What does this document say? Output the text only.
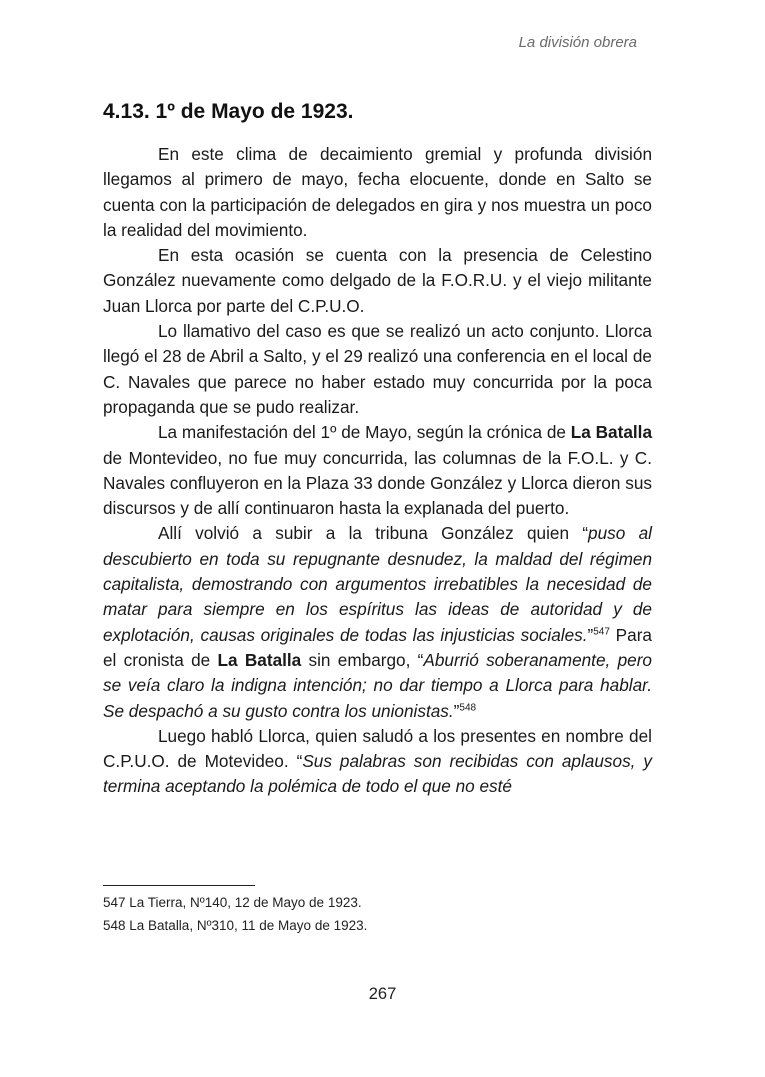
La división obrera
4.13. 1º de Mayo de 1923.

En este clima de decaimiento gremial y profunda división llegamos al primero de mayo, fecha elocuente, donde en Salto se cuenta con la participación de delegados en gira y nos muestra un poco la realidad del movimiento.

En esta ocasión se cuenta con la presencia de Celestino González nuevamente como delgado de la F.O.R.U. y el viejo militante Juan Llorca por parte del C.P.U.O.

Lo llamativo del caso es que se realizó un acto conjunto. Llorca llegó el 28 de Abril a Salto, y el 29 realizó una conferencia en el local de C. Navales que parece no haber estado muy concurrida por la poca propaganda que se pudo realizar.

La manifestación del 1º de Mayo, según la crónica de La Batalla de Montevideo, no fue muy concurrida, las columnas de la F.O.L. y C. Navales confluyeron en la Plaza 33 donde González y Llorca dieron sus discursos y de allí continuaron hasta la explanada del puerto.

Allí volvió a subir a la tribuna González quien “puso al descubierto en toda su repugnante desnudez, la maldad del régimen capitalista, demostrando con argumentos irrebatibles la necesidad de matar para siempre en los espíritus las ideas de autoridad y de explotación, causas originales de todas las injusticias sociales.”$^{547}$ Para el cronista de La Batalla sin embargo, “Aburrió soberanamente, pero se veía claro la indigna intención; no dar tiempo a Llorca para hablar. Se despachó a su gusto contra los unionistas.”$^{548}$

Luego habló Llorca, quien saludó a los presentes en nombre del C.P.U.O. de Motevideo. “Sus palabras son recibidas con aplausos, y termina aceptando la polémica de todo el que no esté

547 La Tierra, Nº140, 12 de Mayo de 1923.
548 La Batalla, Nº310, 11 de Mayo de 1923.
267
